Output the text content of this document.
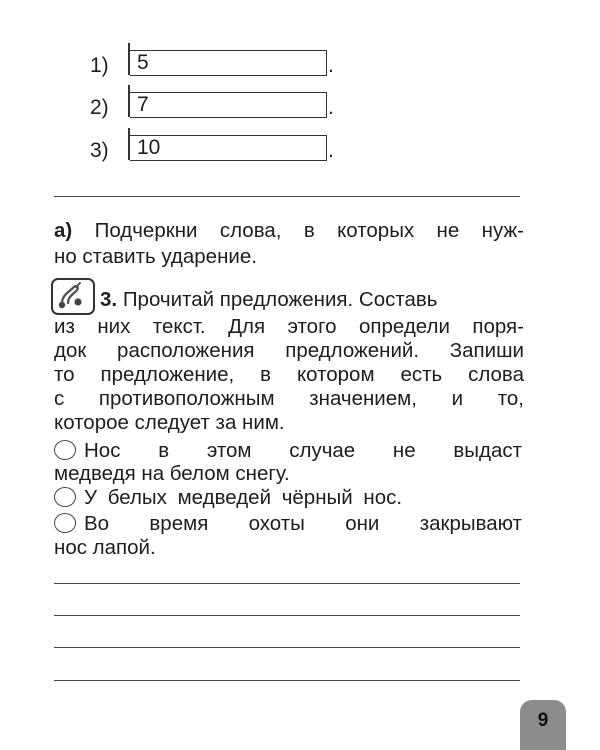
1)	5	.
2)	7	.
3)	10	.
а) Подчеркни слова, в которых не нуж-
но ставить ударение.
3. Прочитай предложения. Составь
из них текст. Для этого определи поря-
док расположения предложений. Запиши
то предложение, в котором есть слова
с противоположным значением, и то,
которое следует за ним.
Нос в этом случае не выдаст
медведя на белом снегу.
У белых медведей чёрный нос.
Во время охоты они закрывают
нос лапой.
9
